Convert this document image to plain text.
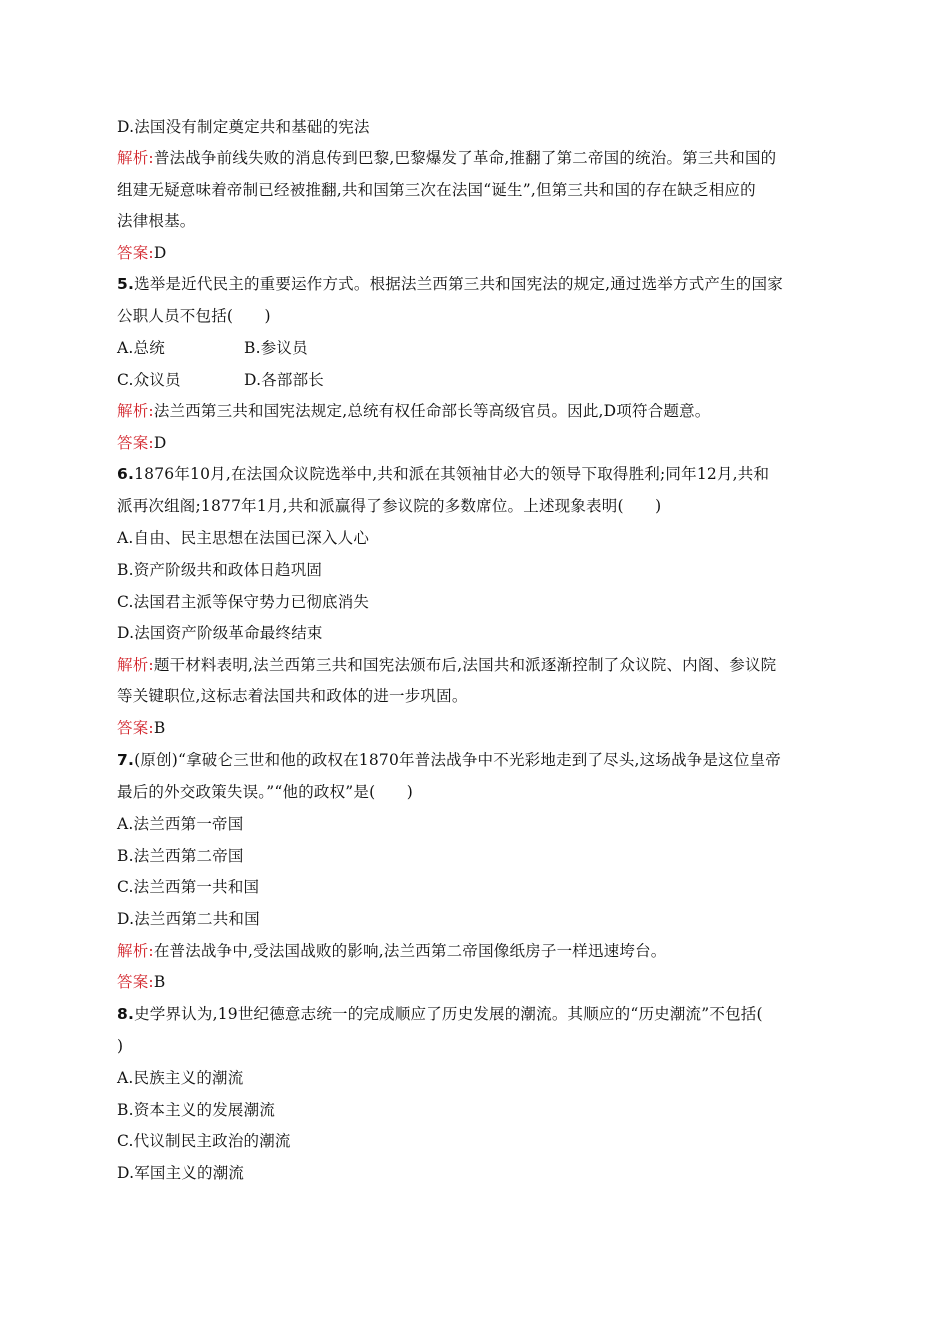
D.法国没有制定奠定共和基础的宪法
解析:普法战争前线失败的消息传到巴黎,巴黎爆发了革命,推翻了第二帝国的统治。第三共和国的
组建无疑意味着帝制已经被推翻,共和国第三次在法国“诞生”,但第三共和国的存在缺乏相应的
法律根基。
答案:D
5.选举是近代民主的重要运作方式。根据法兰西第三共和国宪法的规定,通过选举方式产生的国家
公职人员不包括(　　)
A.总统	B.参议员
C.众议员	D.各部部长
解析:法兰西第三共和国宪法规定,总统有权任命部长等高级官员。因此,D项符合题意。
答案:D
6.1876年10月,在法国众议院选举中,共和派在其领袖甘必大的领导下取得胜利;同年12月,共和
派再次组阁;1877年1月,共和派赢得了参议院的多数席位。上述现象表明(　　)
A.自由、民主思想在法国已深入人心
B.资产阶级共和政体日趋巩固
C.法国君主派等保守势力已彻底消失
D.法国资产阶级革命最终结束
解析:题干材料表明,法兰西第三共和国宪法颁布后,法国共和派逐渐控制了众议院、内阁、参议院
等关键职位,这标志着法国共和政体的进一步巩固。
答案:B
7.(原创)“拿破仑三世和他的政权在1870年普法战争中不光彩地走到了尽头,这场战争是这位皇帝
最后的外交政策失误。”“他的政权”是(　　)
A.法兰西第一帝国
B.法兰西第二帝国
C.法兰西第一共和国
D.法兰西第二共和国
解析:在普法战争中,受法国战败的影响,法兰西第二帝国像纸房子一样迅速垮台。
答案:B
8.史学界认为,19世纪德意志统一的完成顺应了历史发展的潮流。其顺应的“历史潮流”不包括(
)
A.民族主义的潮流
B.资本主义的发展潮流
C.代议制民主政治的潮流
D.军国主义的潮流
